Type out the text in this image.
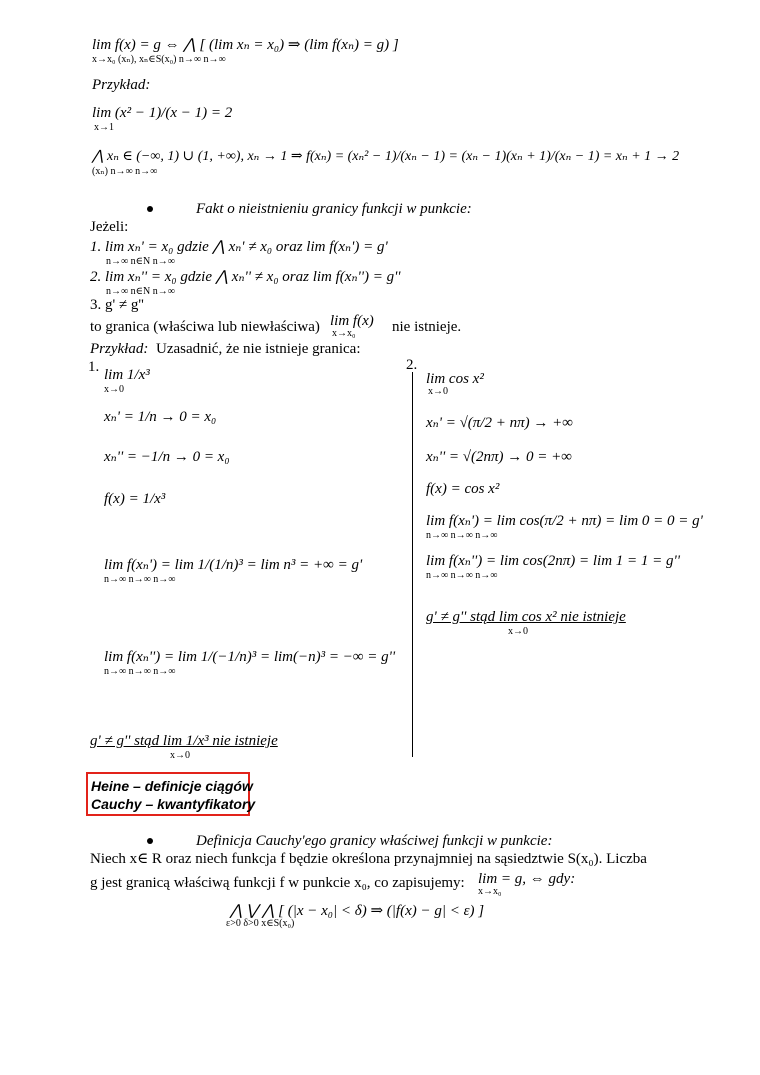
lim f(x) = g ⇔ ⋀ [ (lim xₙ = x₀) ⇒ (lim f(xₙ) = g) ]
x→x₀ (xₙ), xₙ∈S(x₀) n→∞ n→∞
Przykład:
lim (x² − 1)/(x − 1) = 2
x→1
⋀ xₙ ∈ (−∞, 1) ∪ (1, +∞), xₙ → 1 ⇒ f(xₙ) = (xₙ² − 1)/(xₙ − 1) = (xₙ − 1)(xₙ + 1)/(xₙ − 1) = xₙ + 1 → 2
(xₙ) n→∞ n→∞
Fakt o nieistnieniu granicy funkcji w punkcie:
Jeżeli:
1. lim xₙ' = x₀ gdzie ⋀ xₙ' ≠ x₀ oraz lim f(xₙ') = g'
n→∞ n∈N n→∞
2. lim xₙ'' = x₀ gdzie ⋀ xₙ'' ≠ x₀ oraz lim f(xₙ'') = g''
n→∞ n∈N n→∞
3. g' ≠ g''
to granica (właściwa lub niewłaściwa) lim f(x)
x→x₀ nie istnieje.
Przykład: Uzasadnić, że nie istnieje granica:
1. lim 1/x³
x→0
xₙ' = 1/n → 0 = x₀
xₙ'' = −1/n → 0 = x₀
f(x) = 1/x³
lim f(xₙ') = lim 1/(1/n)³ = lim n³ = +∞ = g'
n→∞ n→∞ n→∞
lim f(xₙ'') = lim 1/(−1/n)³ = lim(−n)³ = −∞ = g''
n→∞ n→∞ n→∞
g' ≠ g'' stąd lim 1/x³ nie istnieje
x→0
2.
lim cos x²
x→0
xₙ' = √(π/2 + nπ) → +∞
xₙ'' = √(2nπ) → 0 = +∞
f(x) = cos x²
lim f(xₙ') = lim cos(π/2 + nπ) = lim 0 = 0 = g'
n→∞ n→∞ n→∞
lim f(xₙ'') = lim cos(2nπ) = lim 1 = 1 = g''
n→∞ n→∞ n→∞
g' ≠ g'' stąd lim cos x² nie istnieje
x→0
Heine – definicje ciągów
Cauchy – kwantyfikatory
Definicja Cauchy'ego granicy właściwej funkcji w punkcie:
Niech x∈ R oraz niech funkcja f będzie określona przynajmniej na sąsiedztwie S(x₀). Liczba
g jest granicą właściwą funkcji f w punkcie x₀, co zapisujemy: lim = g, ⇔ gdy:
x→x₀
⋀ ⋁ ⋀ [ (|x − x₀| < δ) ⇒ (|f(x) − g| < ε) ]
ε>0 δ>0 x∈S(x₀)
